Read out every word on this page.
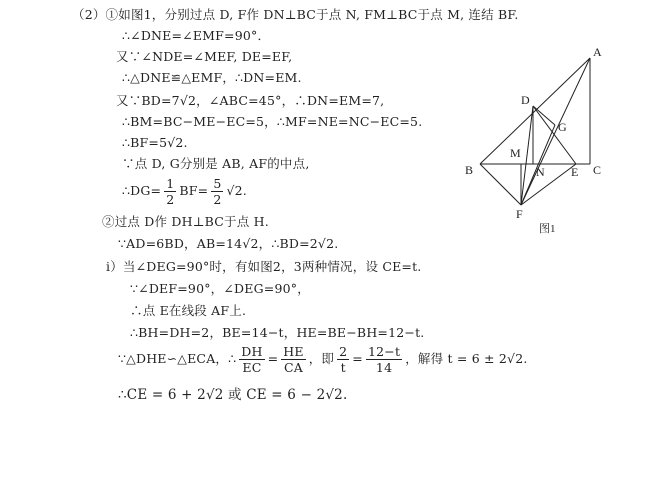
（2）①如图1，分别过点 D, F作 DN⊥BC于点 N, FM⊥BC于点 M, 连结 BF.
∴∠DNE=∠EMF=90°．
又∵∠NDE=∠MEF, DE=EF,
∴△DNE≌△EMF，∴DN=EM.
又∵BD=7√2，∠ABC=45°，∴DN=EM=7,
∴BM=BC−ME−EC=5，∴MF=NE=NC−EC=5.
∴BF=5√2.
∵点 D, G分别是 AB, AF的中点,
∴DG= $\frac{1}{2} BF= \frac{5}{2} √2$.
②过点 D作 DH⊥BC于点 H.
∵AD=6BD，AB=14√2，∴BD=2√2.
i）当∠DEG=90°时，有如图2，3两种情况，设 CE=t.
∵∠DEF=90°，∠DEG=90°，
∴点 E在线段 AF上.
∴BH=DH=2，BE=14−t，HE=BE−BH=12−t.
∵△DHE∽△ECA，∴ $\frac{DH}{EC} = \frac{HE}{CA}$ ，即 $\frac{2}{t} = \frac{12-t}{14}$ ，解得 t = 6 ± 2√2.
∴CE = 6 + 2√2 或 CE = 6 − 2√2.
A
B	C
D
E
F
G
M
N
图1
